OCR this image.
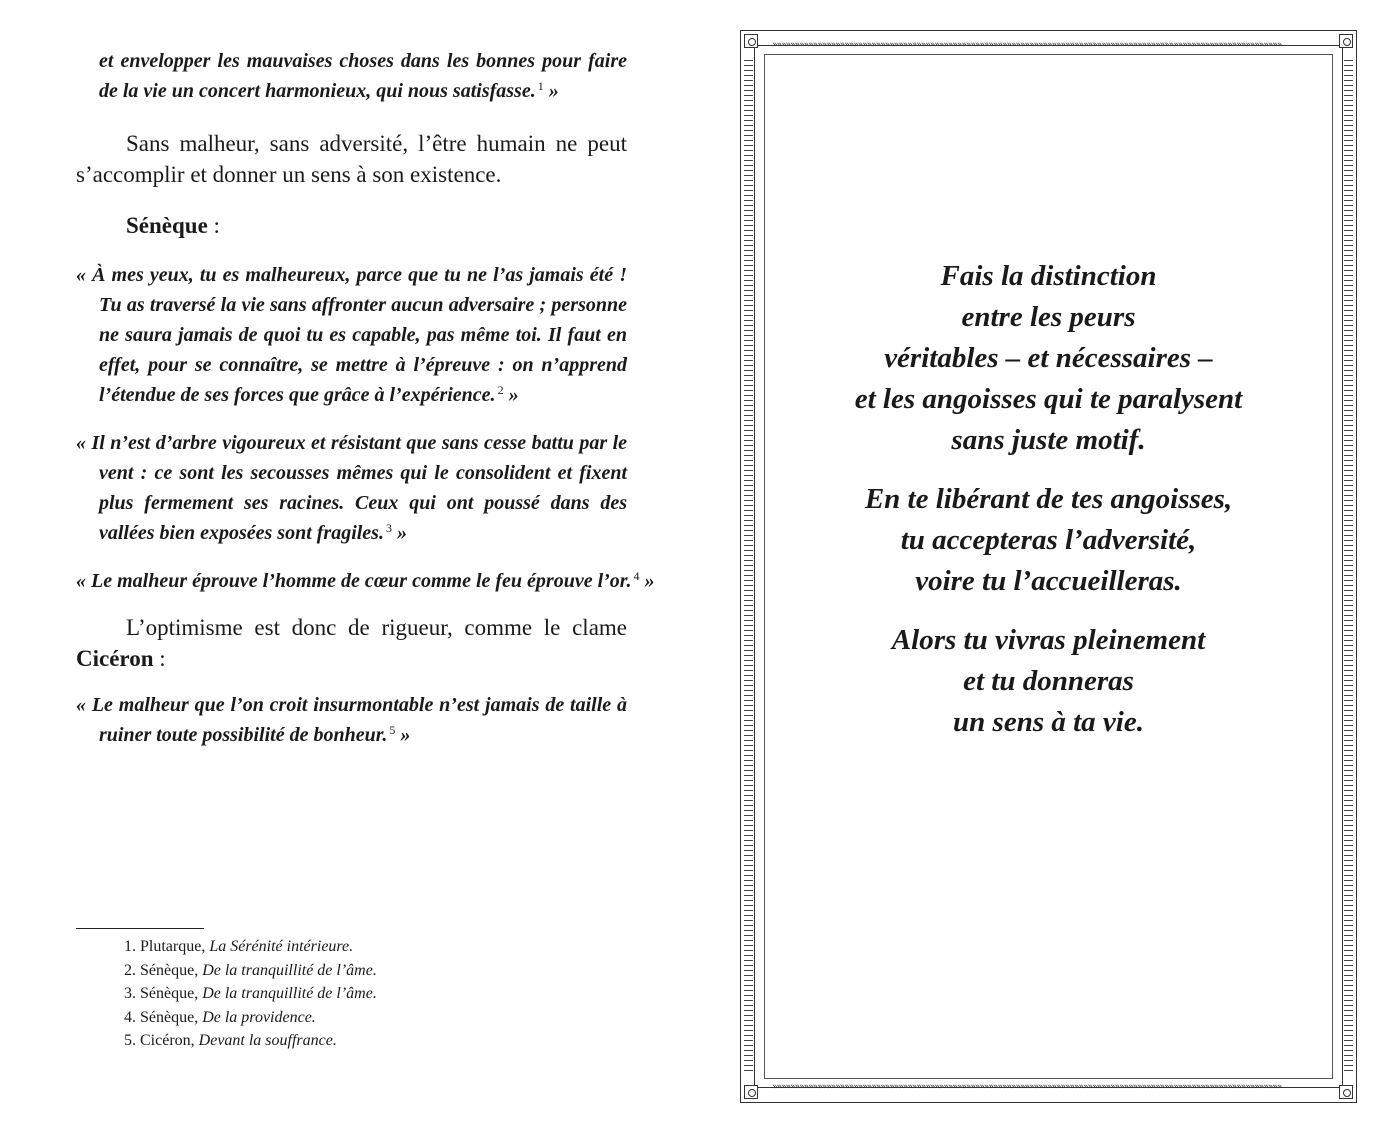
et envelopper les mauvaises choses dans les bonnes pour faire de la vie un concert harmonieux, qui nous satisfasse. $^1$ »

Sans malheur, sans adversité, l’être humain ne peut s’accomplir et donner un sens à son existence.

Sénèque :

« À mes yeux, tu es malheureux, parce que tu ne l’as jamais été ! Tu as traversé la vie sans affronter aucun adversaire ; personne ne saura jamais de quoi tu es capable, pas même toi. Il faut en effet, pour se connaître, se mettre à l’épreuve : on n’apprend l’étendue de ses forces que grâce à l’expérience. $^2$ »

« Il n’est d’arbre vigoureux et résistant que sans cesse battu par le vent : ce sont les secousses mêmes qui le consolident et fixent plus fermement ses racines. Ceux qui ont poussé dans des vallées bien exposées sont fragiles. $^3$ »

« Le malheur éprouve l’homme de cœur comme le feu éprouve l’or. $^4$ »

L’optimisme est donc de rigueur, comme le clame Cicéron :

« Le malheur que l’on croit insurmontable n’est jamais de taille à ruiner toute possibilité de bonheur. $^5$ »

1. Plutarque, La Sérénité intérieure.
2. Sénèque, De la tranquillité de l’âme.
3. Sénèque, De la tranquillité de l’âme.
4. Sénèque, De la providence.
5. Cicéron, Devant la souffrance.
»»»»»»»»»»»»»»»»»»»»»»»»»»»»»»»»»»»»»»»»»»»»»»»»»»»»»»»»»»»»»»»»»»»»»»»»»»»»»»»»»»»»»»»»»»»»»»»»»»»»»»»»»»»»»»»»»
»»»»»»»»»»»»»»»»»»»»»»»»»»»»»»»»»»»»»»»»»»»»»»»»»»»»»»»»»»»»»»»»»»»»»»»»»»»»»»»»»»»»»»»»»»»»»»»»»»»»»»»»»»»»»»»»»
Fais la distinction
entre les peurs
véritables – et nécessaires –
et les angoisses qui te paralysent
sans juste motif.
En te libérant de tes angoisses,
tu accepteras l’adversité,
voire tu l’accueilleras.
Alors tu vivras pleinement
et tu donneras
un sens à ta vie.
